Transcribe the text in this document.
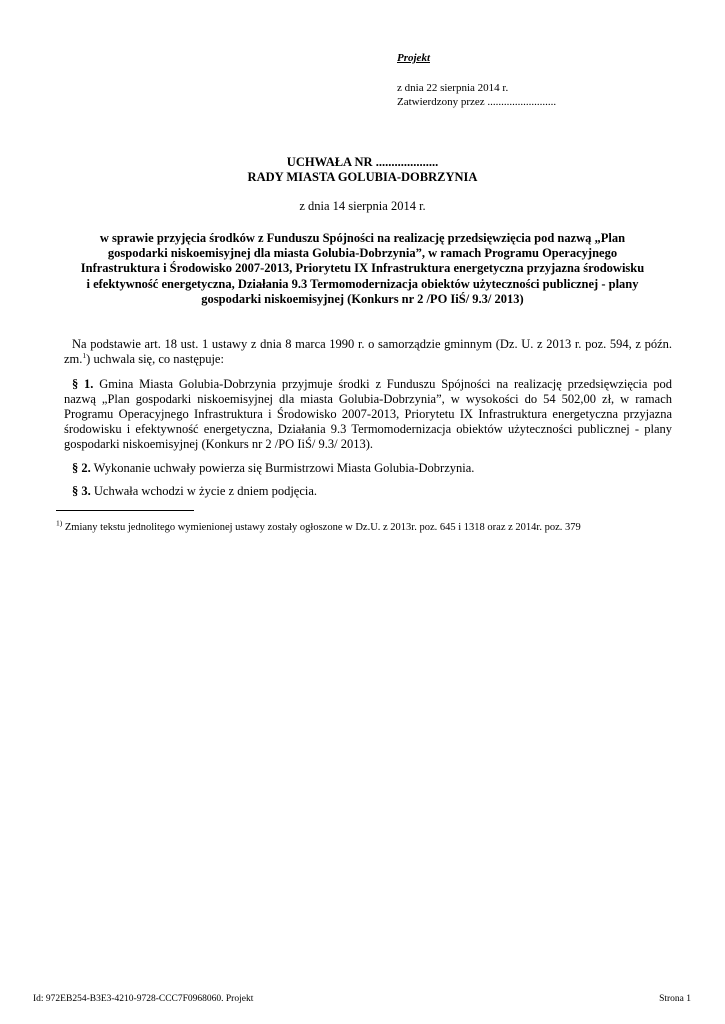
Projekt
z dnia 22 sierpnia 2014 r.
Zatwierdzony przez .........................
UCHWAŁA NR ....................
RADY MIASTA GOLUBIA-DOBRZYNIA
z dnia 14 sierpnia 2014 r.
w sprawie przyjęcia środków z Funduszu Spójności na realizację przedsięwzięcia pod nazwą „Plan
gospodarki niskoemisyjnej dla miasta Golubia-Dobrzynia”, w ramach Programu Operacyjnego
Infrastruktura i Środowisko 2007-2013, Priorytetu IX Infrastruktura energetyczna przyjazna środowisku
i efektywność energetyczna, Działania 9.3 Termomodernizacja obiektów użyteczności publicznej - plany
gospodarki niskoemisyjnej (Konkurs nr 2 /PO IiŚ/ 9.3/ 2013)
Na podstawie art. 18 ust. 1 ustawy z dnia 8 marca 1990 r. o samorządzie gminnym (Dz. U. z 2013 r. poz. 594, z późn. zm.$^1$) uchwala się, co następuje:
§ 1. Gmina Miasta Golubia-Dobrzynia przyjmuje środki z Funduszu Spójności na realizację przedsięwzięcia pod nazwą „Plan gospodarki niskoemisyjnej dla miasta Golubia-Dobrzynia”, w wysokości do 54 502,00 zł, w ramach Programu Operacyjnego Infrastruktura i Środowisko 2007-2013, Priorytetu IX Infrastruktura energetyczna przyjazna środowisku i efektywność energetyczna, Działania 9.3 Termomodernizacja obiektów użyteczności publicznej - plany gospodarki niskoemisyjnej (Konkurs nr 2 /PO IiŚ/ 9.3/ 2013).
§ 2. Wykonanie uchwały powierza się Burmistrzowi Miasta Golubia-Dobrzynia.
§ 3. Uchwała wchodzi w życie z dniem podjęcia.
$^{1)}$ Zmiany tekstu jednolitego wymienionej ustawy zostały ogłoszone w Dz.U. z 2013r. poz. 645 i 1318 oraz z 2014r. poz. 379
Id: 972EB254-B3E3-4210-9728-CCC7F0968060. Projekt	Strona 1
